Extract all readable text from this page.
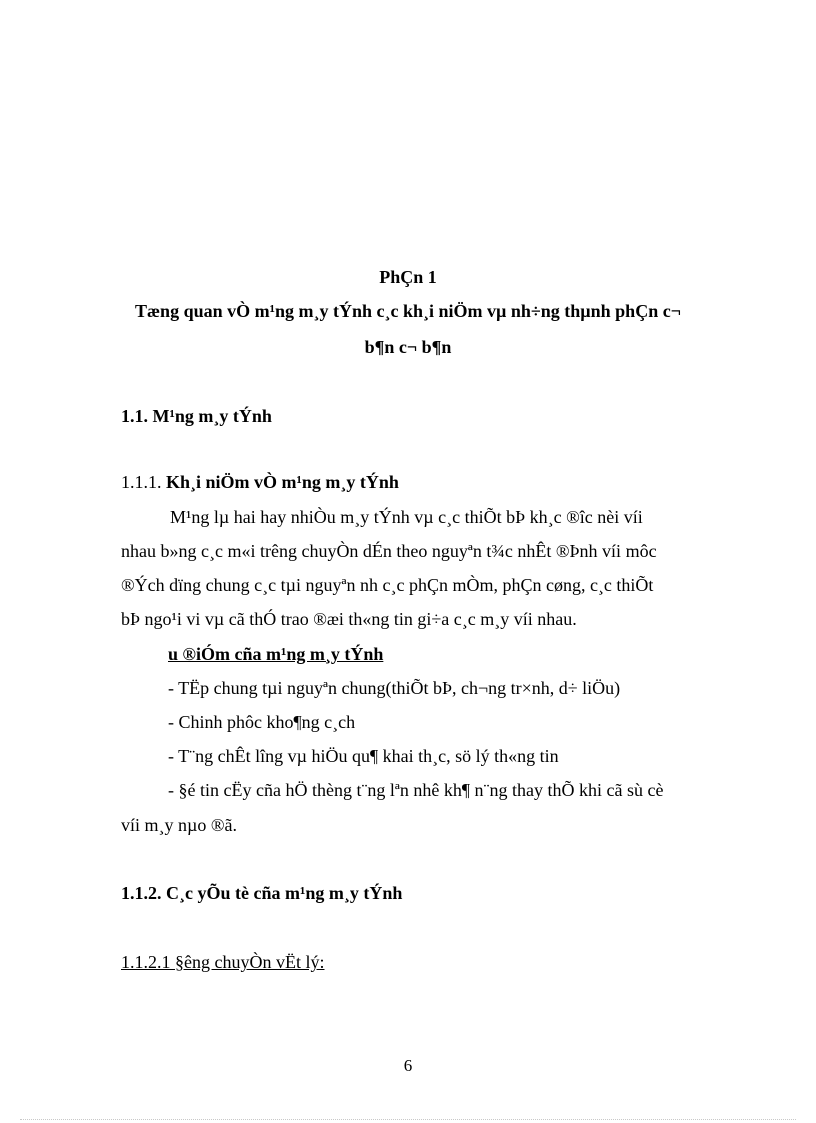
PhÇn 1
Tæng quan vÒ m¹ng m¸y tÝnh c¸c kh¸i niÖm vµ nh÷ng thµnh phÇn c¬
b¶n c¬ b¶n
1.1. M¹ng m¸y tÝnh
1.1.1. Kh¸i niÖm vÒ m¹ng m¸y tÝnh
M¹ng lµ hai hay nhiÒu m¸y tÝnh vµ c¸c thiÕt bÞ kh¸c ®îc nèi víi
nhau b»ng c¸c m«i trêng chuyÒn dÉn theo nguyªn t¾c nhÊt ®Þnh víi môc
®Ých dïng chung c¸c tµi nguyªn nh c¸c phÇn mÒm, phÇn cøng, c¸c thiÕt
bÞ ngo¹i vi vµ cã thÓ trao ®æi th«ng tin gi÷a c¸c m¸y víi nhau.
u ®iÓm cña m¹ng m¸y tÝnh
- TËp chung tµi nguyªn chung(thiÕt bÞ, ch¬ng tr×nh, d÷ liÖu)
- Chinh phôc kho¶ng c¸ch
- T¨ng chÊt lîng vµ hiÖu qu¶ khai th¸c, sö lý th«ng tin
- §é tin cËy cña hÖ thèng t¨ng lªn nhê kh¶ n¨ng thay thÕ khi cã sù cè
víi m¸y nµo ®ã.
1.1.2. C¸c yÕu tè cña m¹ng m¸y tÝnh
1.1.2.1 §êng chuyÒn vËt lý:
6
